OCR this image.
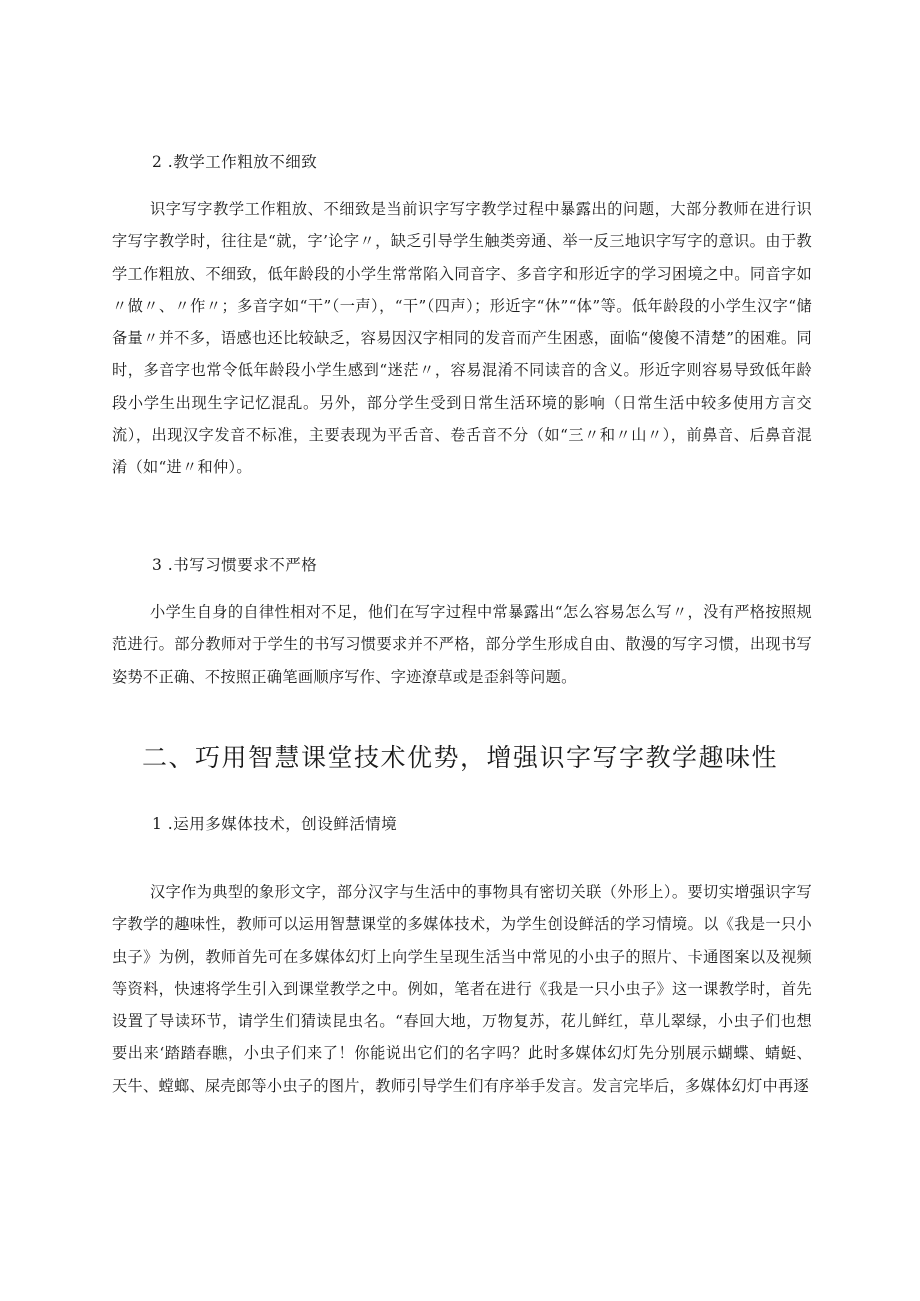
2 .教学工作粗放不细致

识字写字教学工作粗放、不细致是当前识字写字教学过程中暴露出的问题，大部分教师在进行识字写字教学时，往往是“就，字’论字〃，缺乏引导学生触类旁通、举一反三地识字写字的意识。由于教学工作粗放、不细致，低年龄段的小学生常常陷入同音字、多音字和形近字的学习困境之中。同音字如〃做〃、〃作〃；多音字如“干”（一声），“干”（四声）；形近字“休”“体”等。低年龄段的小学生汉字“储备量〃并不多，语感也还比较缺乏，容易因汉字相同的发音而产生困惑，面临“傻傻不清楚”的困难。同时，多音字也常令低年龄段小学生感到“迷茫〃，容易混淆不同读音的含义。形近字则容易导致低年龄段小学生出现生字记忆混乱。另外，部分学生受到日常生活环境的影响（日常生活中较多使用方言交流），出现汉字发音不标准，主要表现为平舌音、卷舌音不分（如“三〃和〃山〃），前鼻音、后鼻音混淆（如“进〃和仲）。

3 .书写习惯要求不严格

小学生自身的自律性相对不足，他们在写字过程中常暴露出“怎么容易怎么写〃，没有严格按照规范进行。部分教师对于学生的书写习惯要求并不严格，部分学生形成自由、散漫的写字习惯，出现书写姿势不正确、不按照正确笔画顺序写作、字迹潦草或是歪斜等问题。

二、巧用智慧课堂技术优势，增强识字写字教学趣味性
1 .运用多媒体技术，创设鲜活情境

汉字作为典型的象形文字，部分汉字与生活中的事物具有密切关联（外形上）。要切实增强识字写字教学的趣味性，教师可以运用智慧课堂的多媒体技术，为学生创设鲜活的学习情境。以《我是一只小虫子》为例，教师首先可在多媒体幻灯上向学生呈现生活当中常见的小虫子的照片、卡通图案以及视频等资料，快速将学生引入到课堂教学之中。例如，笔者在进行《我是一只小虫子》这一课教学时，首先设置了导读环节，请学生们猜读昆虫名。“春回大地，万物复苏，花儿鲜红，草儿翠绿，小虫子们也想要出来‘踏踏春瞧，小虫子们来了！你能说出它们的名字吗？此时多媒体幻灯先分别展示蝴蝶、蜻蜓、天牛、螳螂、屎壳郎等小虫子的图片，教师引导学生们有序举手发言。发言完毕后，多媒体幻灯中再逐
